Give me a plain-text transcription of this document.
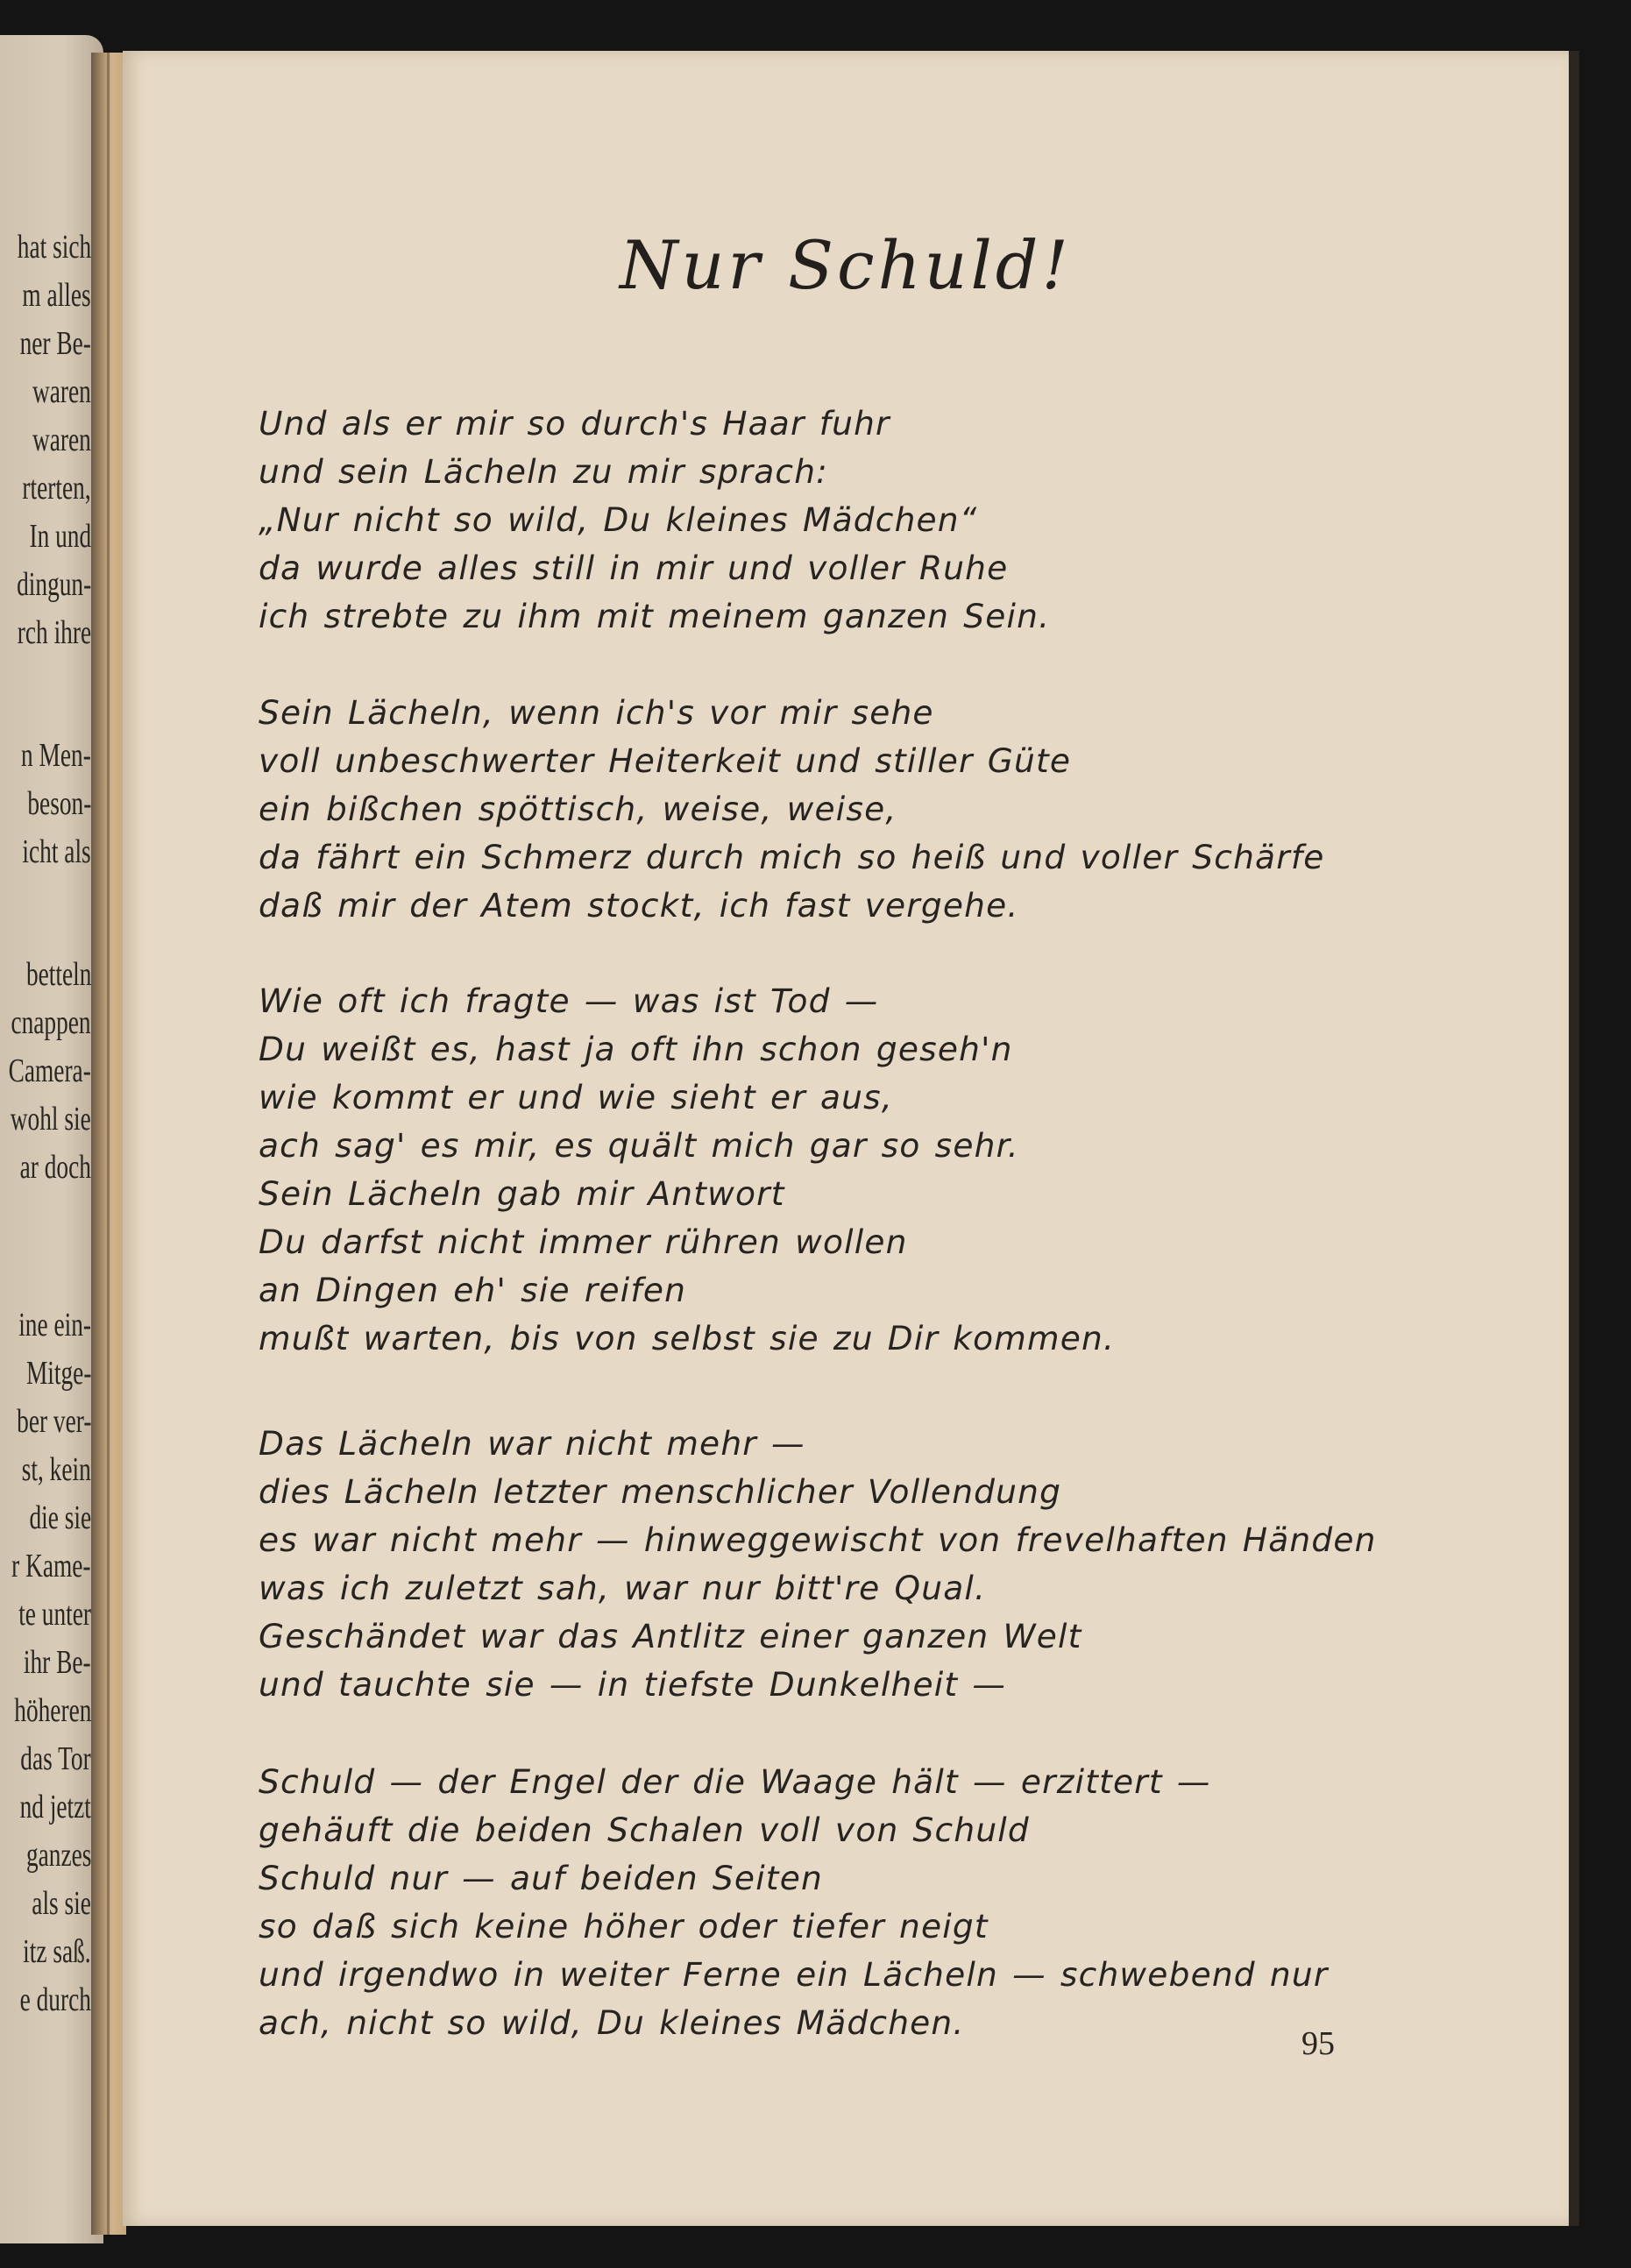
hat sich
m alles
ner Be-
waren
waren
rterten,
In und
dingun-
rch ihre
n Men-
beson-
icht als
betteln
cnappen
Camera-
wohl sie
ar doch
ine ein-
Mitge-
ber ver-
st, kein
die sie
r Kame-
te unter
ihr Be-
höheren
das Tor
nd jetzt
ganzes
als sie
itz saß.
e durch
Nur Schuld!
Und als er mir so durch's Haar fuhr
und sein Lächeln zu mir sprach:
„Nur nicht so wild, Du kleines Mädchen“
da wurde alles still in mir und voller Ruhe
ich strebte zu ihm mit meinem ganzen Sein.
Sein Lächeln, wenn ich's vor mir sehe
voll unbeschwerter Heiterkeit und stiller Güte
ein bißchen spöttisch, weise, weise,
da fährt ein Schmerz durch mich so heiß und voller Schärfe
daß mir der Atem stockt, ich fast vergehe.
Wie oft ich fragte — was ist Tod —
Du weißt es, hast ja oft ihn schon geseh'n
wie kommt er und wie sieht er aus,
ach sag' es mir, es quält mich gar so sehr.
Sein Lächeln gab mir Antwort
Du darfst nicht immer rühren wollen
an Dingen eh' sie reifen
mußt warten, bis von selbst sie zu Dir kommen.
Das Lächeln war nicht mehr —
dies Lächeln letzter menschlicher Vollendung
es war nicht mehr — hinweggewischt von frevelhaften Händen
was ich zuletzt sah, war nur bitt're Qual.
Geschändet war das Antlitz einer ganzen Welt
und tauchte sie — in tiefste Dunkelheit —
Schuld — der Engel der die Waage hält — erzittert —
gehäuft die beiden Schalen voll von Schuld
Schuld nur — auf beiden Seiten
so daß sich keine höher oder tiefer neigt
und irgendwo in weiter Ferne ein Lächeln — schwebend nur
ach, nicht so wild, Du kleines Mädchen.
95
